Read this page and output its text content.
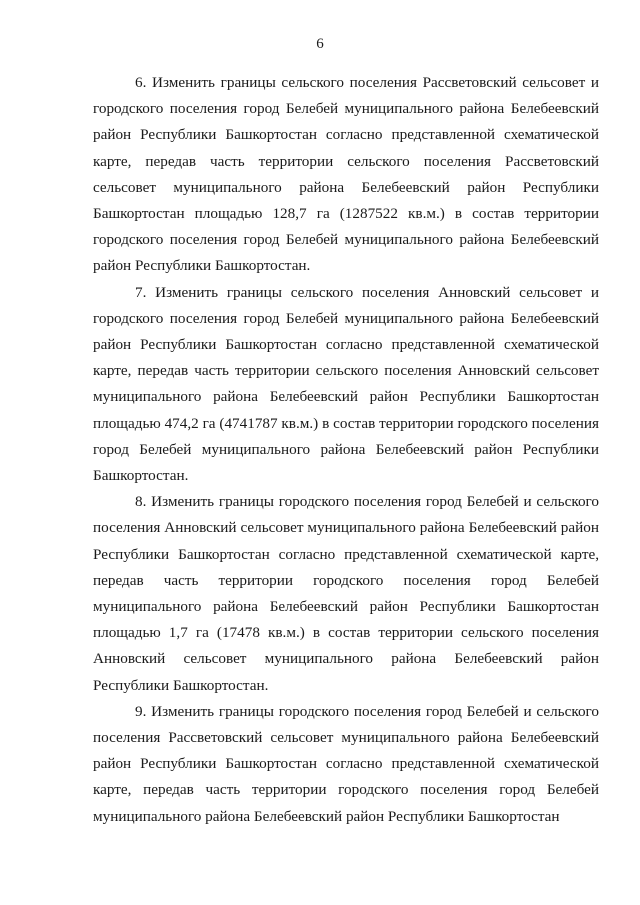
6

6. Изменить границы сельского поселения Рассветовский сельсовет и городского поселения город Белебей муниципального района Белебеевский район Республики Башкортостан согласно представленной схематической карте, передав часть территории сельского поселения Рассветовский сельсовет муниципального района Белебеевский район Республики Башкортостан площадью 128,7 га (1287522 кв.м.) в состав территории городского поселения город Белебей муниципального района Белебеевский район Республики Башкортостан.

7. Изменить границы сельского поселения Анновский сельсовет и городского поселения город Белебей муниципального района Белебеевский район Республики Башкортостан согласно представленной схематической карте, передав часть территории сельского поселения Анновский сельсовет муниципального района Белебеевский район Республики Башкортостан площадью 474,2 га (4741787 кв.м.) в состав территории городского поселения город Белебей муниципального района Белебеевский район Республики Башкортостан.

8. Изменить границы городского поселения город Белебей и сельского поселения Анновский сельсовет муниципального района Белебеевский район Республики Башкортостан согласно представленной схематической карте, передав часть территории городского поселения город Белебей муниципального района Белебеевский район Республики Башкортостан площадью 1,7 га (17478 кв.м.) в состав территории сельского поселения Анновский сельсовет муниципального района Белебеевский район Республики Башкортостан.

9. Изменить границы городского поселения город Белебей и сельского поселения Рассветовский сельсовет муниципального района Белебеевский район Республики Башкортостан согласно представленной схематической карте, передав часть территории городского поселения город Белебей муниципального района Белебеевский район Республики Башкортостан
